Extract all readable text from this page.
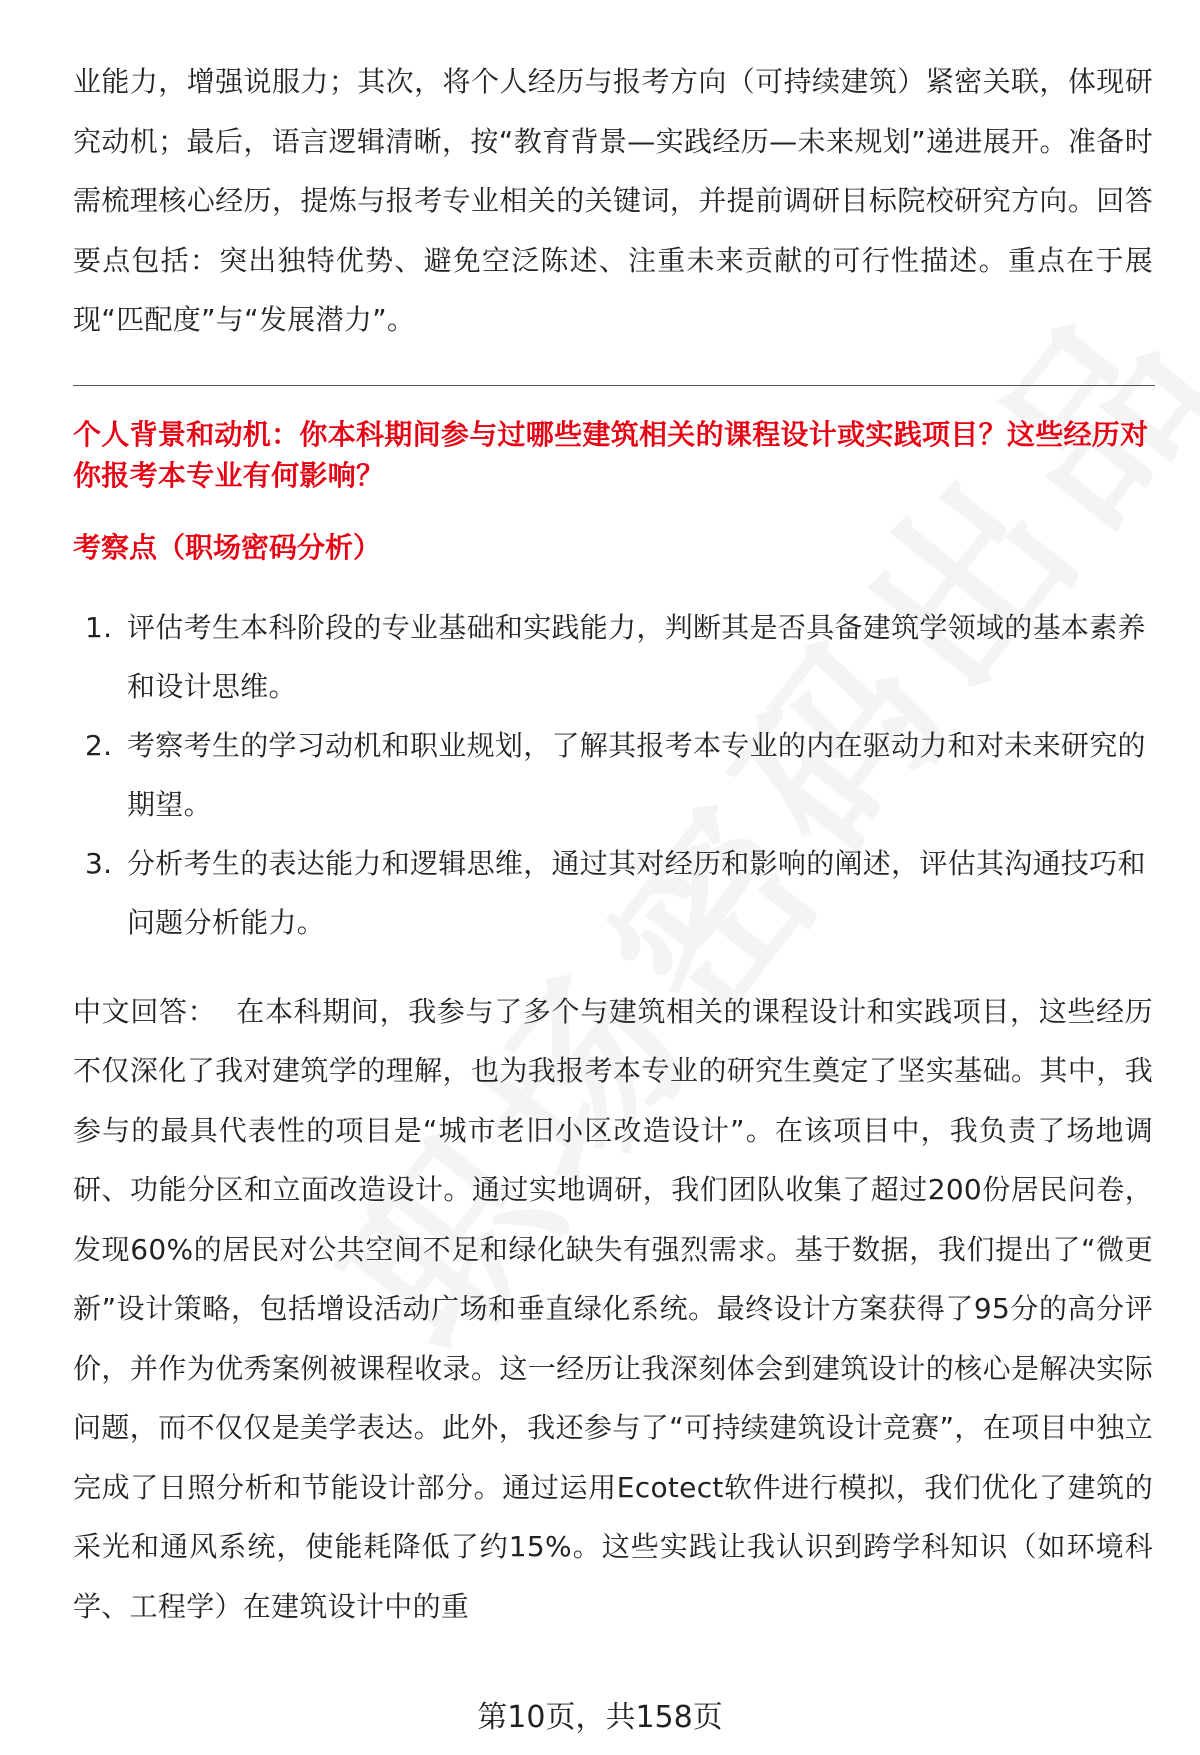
业能力，增强说服力；其次，将个人经历与报考方向（可持续建筑）紧密关联，体现研究动机；最后，语言逻辑清晰，按“教育背景—实践经历—未来规划”递进展开。准备时需梳理核心经历，提炼与报考专业相关的关键词，并提前调研目标院校研究方向。回答要点包括：突出独特优势、避免空泛陈述、注重未来贡献的可行性描述。重点在于展现“匹配度”与“发展潜力”。

个人背景和动机：你本科期间参与过哪些建筑相关的课程设计或实践项目？这些经历对你报考本专业有何影响？
考察点（职场密码分析）
1. 评估考生本科阶段的专业基础和实践能力，判断其是否具备建筑学领域的基本素养和设计思维。
2. 考察考生的学习动机和职业规划，了解其报考本专业的内在驱动力和对未来研究的期望。
3. 分析考生的表达能力和逻辑思维，通过其对经历和影响的阐述，评估其沟通技巧和问题分析能力。

中文回答： 在本科期间，我参与了多个与建筑相关的课程设计和实践项目，这些经历不仅深化了我对建筑学的理解，也为我报考本专业的研究生奠定了坚实基础。其中，我参与的最具代表性的项目是“城市老旧小区改造设计”。在该项目中，我负责了场地调研、功能分区和立面改造设计。通过实地调研，我们团队收集了超过200份居民问卷，发现60%的居民对公共空间不足和绿化缺失有强烈需求。基于数据，我们提出了“微更新”设计策略，包括增设活动广场和垂直绿化系统。最终设计方案获得了95分的高分评价，并作为优秀案例被课程收录。这一经历让我深刻体会到建筑设计的核心是解决实际问题，而不仅仅是美学表达。此外，我还参与了“可持续建筑设计竞赛”，在项目中独立完成了日照分析和节能设计部分。通过运用Ecotect软件进行模拟，我们优化了建筑的采光和通风系统，使能耗降低了约15%。这些实践让我认识到跨学科知识（如环境科学、工程学）在建筑设计中的重

第10页，共158页
